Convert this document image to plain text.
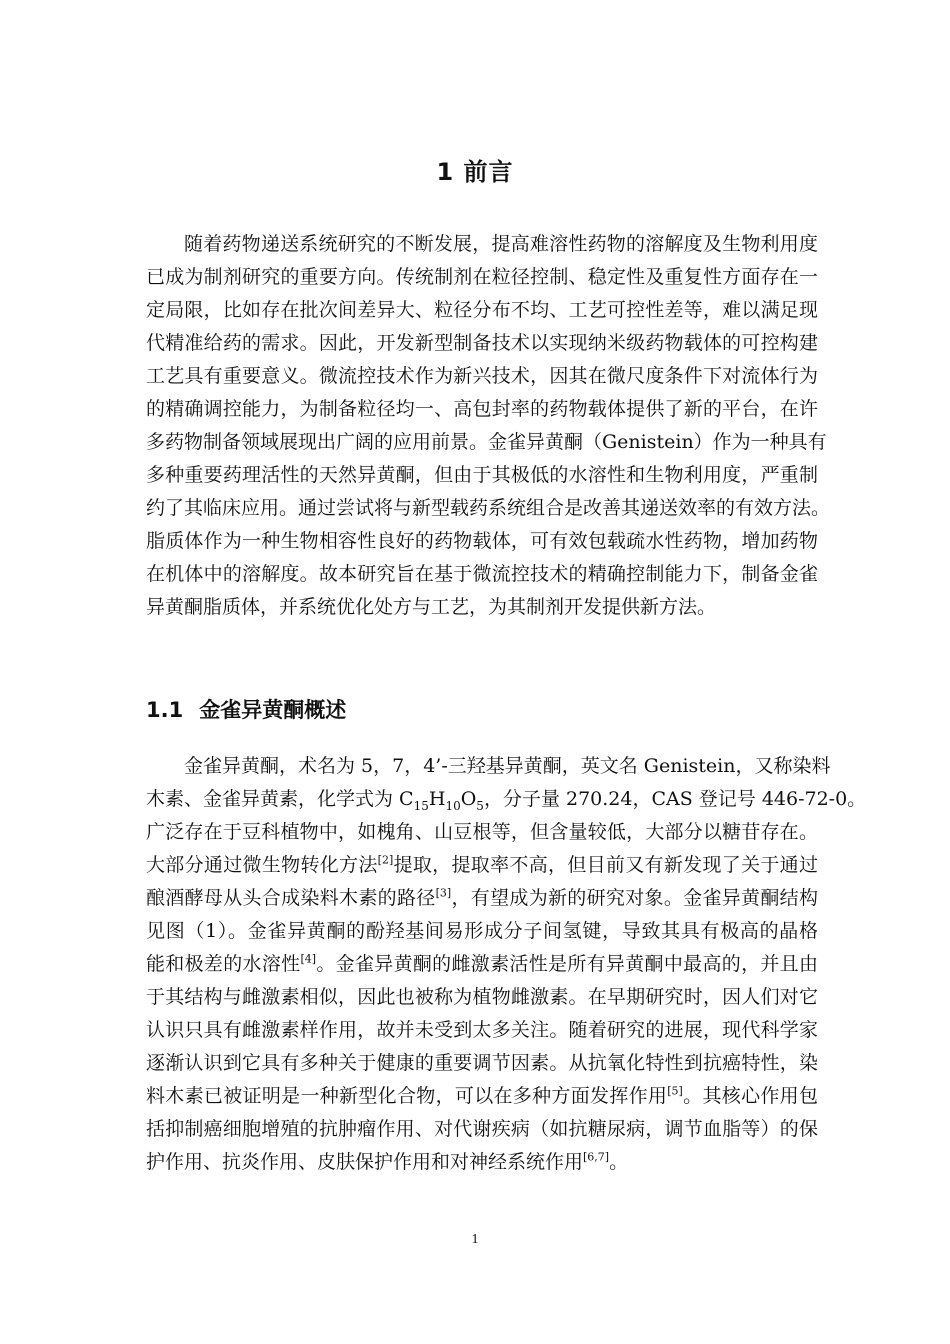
1 前言
随着药物递送系统研究的不断发展，提高难溶性药物的溶解度及生物利用度
已成为制剂研究的重要方向。传统制剂在粒径控制、稳定性及重复性方面存在一
定局限，比如存在批次间差异大、粒径分布不均、工艺可控性差等，难以满足现
代精准给药的需求。因此，开发新型制备技术以实现纳米级药物载体的可控构建
工艺具有重要意义。微流控技术作为新兴技术，因其在微尺度条件下对流体行为
的精确调控能力，为制备粒径均一、高包封率的药物载体提供了新的平台，在许
多药物制备领域展现出广阔的应用前景。金雀异黄酮（Genistein）作为一种具有
多种重要药理活性的天然异黄酮，但由于其极低的水溶性和生物利用度，严重制
约了其临床应用。通过尝试将与新型载药系统组合是改善其递送效率的有效方法。
脂质体作为一种生物相容性良好的药物载体，可有效包载疏水性药物，增加药物
在机体中的溶解度。故本研究旨在基于微流控技术的精确控制能力下，制备金雀
异黄酮脂质体，并系统优化处方与工艺，为其制剂开发提供新方法。
1.1 金雀异黄酮概述
金雀异黄酮，术名为 5，7，4’-三羟基异黄酮，英文名 Genistein，又称染料
木素、金雀异黄素，化学式为 $C_{15}H_{10}O_5$，分子量 270.24，CAS 登记号 446-72-0。
广泛存在于豆科植物中，如槐角、山豆根等，但含量较低，大部分以糖苷存在。
大部分通过微生物转化方法[2]提取，提取率不高，但目前又有新发现了关于通过
酿酒酵母从头合成染料木素的路径[3]，有望成为新的研究对象。金雀异黄酮结构
见图（1）。金雀异黄酮的酚羟基间易形成分子间氢键，导致其具有极高的晶格
能和极差的水溶性[4]。金雀异黄酮的雌激素活性是所有异黄酮中最高的，并且由
于其结构与雌激素相似，因此也被称为植物雌激素。在早期研究时，因人们对它
认识只具有雌激素样作用，故并未受到太多关注。随着研究的进展，现代科学家
逐渐认识到它具有多种关于健康的重要调节因素。从抗氧化特性到抗癌特性，染
料木素已被证明是一种新型化合物，可以在多种方面发挥作用[5]。其核心作用包
括抑制癌细胞增殖的抗肿瘤作用、对代谢疾病（如抗糖尿病，调节血脂等）的保
护作用、抗炎作用、皮肤保护作用和对神经系统作用[6,7]。
1
